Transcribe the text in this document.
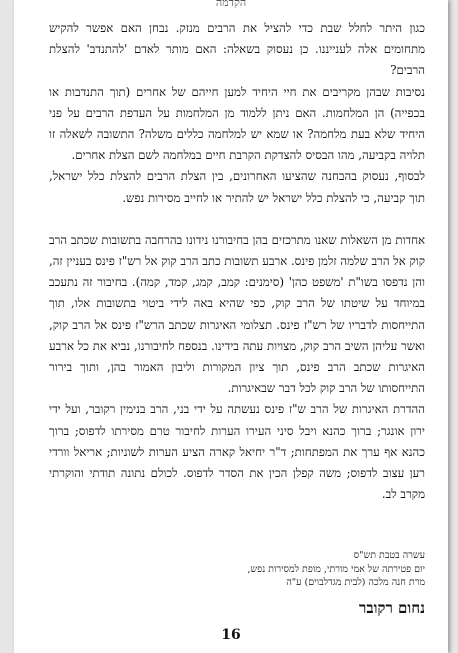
הקדמה

כגון היתר לחלל שבת כדי להציל את הרבים מנזק. נבחן האם אפשר להקיש מתחומים אלה לענייננו. כן נעסוק בשאלה: האם מותר לאדם 'להתנדב' להצלת הרבים?

נסיבות שבהן מקריבים את חיי היחיד למען חייהם של אחרים (תוך התנדבות או בכפייה) הן המלחמות. האם ניתן ללמוד מן המלחמות על העדפת הרבים על פני היחיד שלא בעת מלחמה? או שמא יש למלחמה כללים משלה? התשובה לשאלה זו תלויה בקביעה, מהו הבסיס להצדקת הקרבת חיים במלחמה לשם הצלת אחרים.

לבסוף, נעסוק בהבחנה שהציעו האחרונים, בין הצלת הרבים להצלת כלל ישראל, תוך קביעה, כי להצלת כלל ישראל יש להתיר או לחייב מסירות נפש.

אחדות מן השאלות שאנו מתרכזים בהן בחיבורנו נידונו בהרחבה בתשובות שכתב הרב קוק אל הרב שלמה זלמן פינס. ארבע תשובות כתב הרב קוק אל רש"ז פינס בעניין זה, והן נדפסו בשו"ת 'משפט כהן' (סימנים: קמב, קמג, קמד, קמה). בחיבור זה נתעכב במיוחד על שיטתו של הרב קוק, כפי שהיא באה לידי ביטוי בתשובות אלו, תוך התייחסות לדבריו של רש"ז פינס. תצלומי האיגרות שכתב הרש"ז פינס אל הרב קוק, ואשר עליהן השיב הרב קוק, מצויות עתה בידינו. בנספח לחיבורנו, נביא את כל ארבע האיגרות שכתב הרב פינס, תוך ציון המקורות וליבון האמור בהן, ותוך בירור התייחסותו של הרב קוק לכל דבר שבאיגרות.

ההדרת האיגרות של הרב ש"ז פינס נעשתה על ידי בני, הרב בנימין רקובר, ועל ידי ירון אונגר; ברוך כהנא ויבל סיני העירו הערות לחיבור טרם מסירתו לדפוס; ברוך כהנא אף ערך את המפתחות; ד"ר יחיאל קארה הציע הערות לשוניות; אריאל וורדי רען עצוב לדפוס; משה קפלן הכין את הסדר לדפוס. לכולם נתונה תודתי והוקרתי מקרב לב.

עשרה בטבת תש"ס
יום פטירתה של אמי מורתי, מופת למסירות נפש,
מרת חנה מלכה (לבית מגדלבוים) ע"ה
נחום רקובר
16
